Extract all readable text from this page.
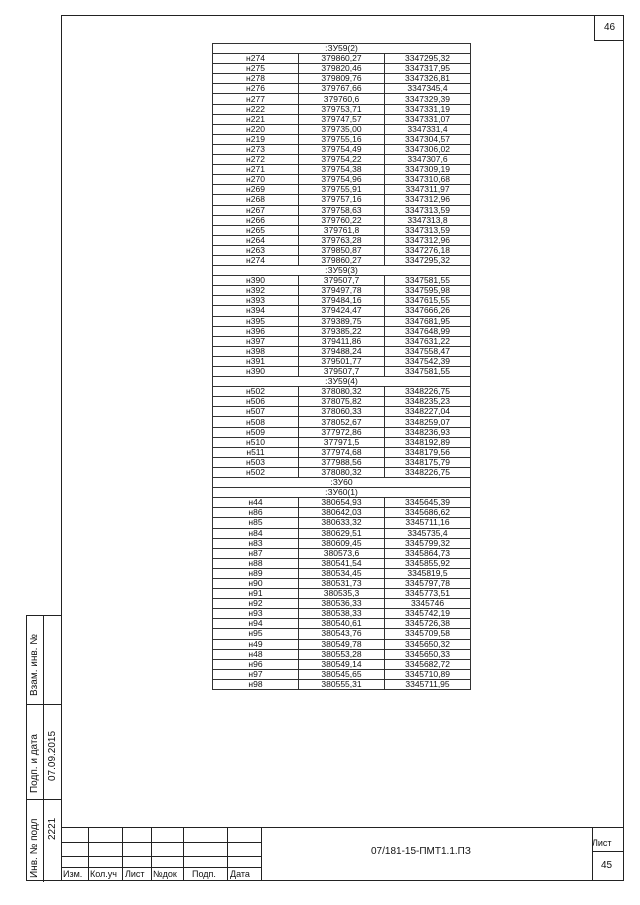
46
:ЗУ59(2)		
н274	379860,27	3347295,32
н275	379820,46	3347317,95
н278	379809,76	3347326,81
н276	379767,66	3347345,4
н277	379760,6	3347329,39
н222	379753,71	3347331,19
н221	379747,57	3347331,07
н220	379735,00	3347331,4
н219	379755,16	3347304,57
н273	379754,49	3347306,02
н272	379754,22	3347307,6
н271	379754,38	3347309,19
н270	379754,96	3347310,68
н269	379755,91	3347311,97
н268	379757,16	3347312,96
н267	379758,63	3347313,59
н266	379760,22	3347313,8
н265	379761,8	3347313,59
н264	379763,28	3347312,96
н263	379850,87	3347276,18
н274	379860,27	3347295,32
:ЗУ59(3)		
н390	379507,7	3347581,55
н392	379497,78	3347595,98
н393	379484,16	3347615,55
н394	379424,47	3347666,26
н395	379389,75	3347681,95
н396	379385,22	3347648,99
н397	379411,86	3347631,22
н398	379488,24	3347558,47
н391	379501,77	3347542,39
н390	379507,7	3347581,55
:ЗУ59(4)		
н502	378080,32	3348226,75
н506	378075,82	3348235,23
н507	378060,33	3348227,04
н508	378052,67	3348259,07
н509	377972,86	3348236,93
н510	377971,5	3348192,89
н511	377974,68	3348179,56
н503	377988,56	3348175,79
н502	378080,32	3348226,75
:ЗУ60		
:ЗУ60(1)		
н44	380654,93	3345645,39
н86	380642,03	3345686,62
н85	380633,32	3345711,16
н84	380629,51	3345735,4
н83	380609,45	3345799,32
н87	380573,6	3345864,73
н88	380541,54	3345855,92
н89	380534,45	3345819,5
н90	380531,73	3345797,78
н91	380535,3	3345773,51
н92	380536,33	3345746
н93	380538,33	3345742,19
н94	380540,61	3345726,38
н95	380543,76	3345709,58
н49	380549,78	3345650,32
н48	380553,28	3345650,33
н96	380549,14	3345682,72
н97	380545,65	3345710,89
н98	380555,31	3345711,95
Взам. инв. №
Подп. и дата 07.09.2015
Инв. № подл 2221
Изм. Кол.уч Лист №док Подп. Дата
07/181-15-ПМТ1.1.ПЗ
Лист
45
